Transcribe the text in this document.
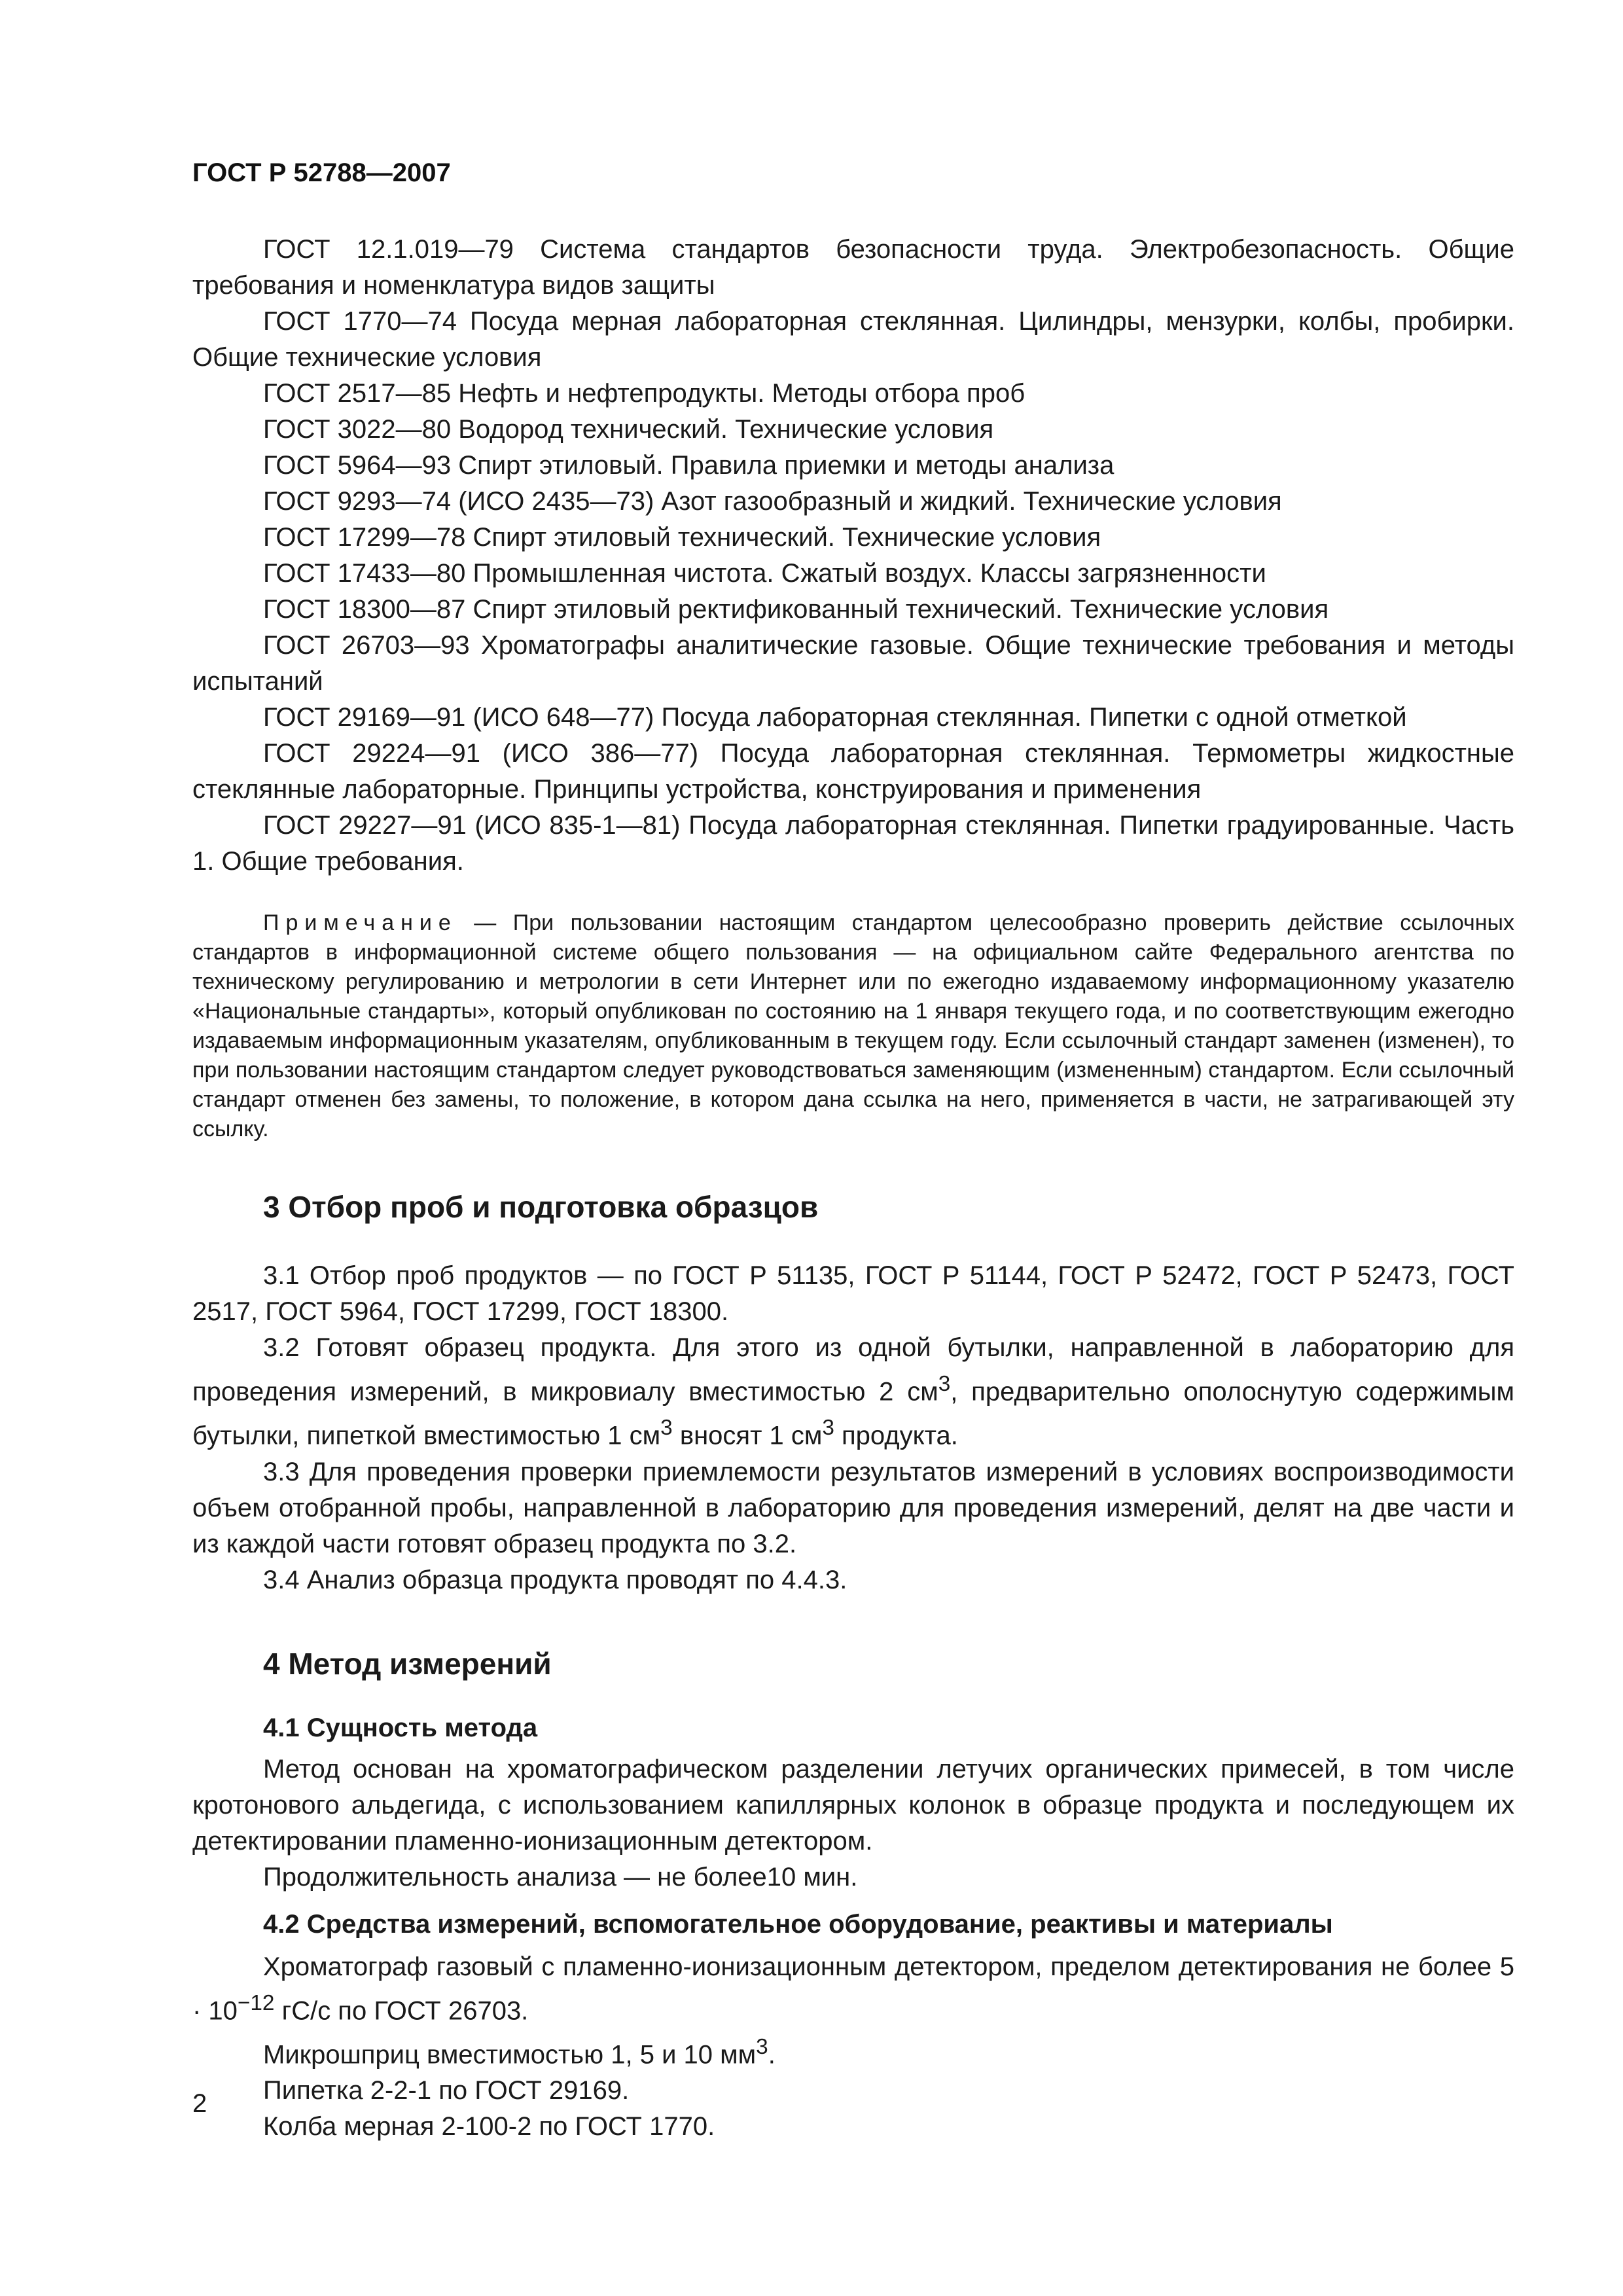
ГОСТ Р 52788—2007

ГОСТ 12.1.019—79 Система стандартов безопасности труда. Электробезопасность. Общие требования и номенклатура видов защиты

ГОСТ 1770—74 Посуда мерная лабораторная стеклянная. Цилиндры, мензурки, колбы, пробирки. Общие технические условия

ГОСТ 2517—85 Нефть и нефтепродукты. Методы отбора проб

ГОСТ 3022—80 Водород технический. Технические условия

ГОСТ 5964—93 Спирт этиловый. Правила приемки и методы анализа

ГОСТ 9293—74 (ИСО 2435—73) Азот газообразный и жидкий. Технические условия

ГОСТ 17299—78 Спирт этиловый технический. Технические условия

ГОСТ 17433—80 Промышленная чистота. Сжатый воздух. Классы загрязненности

ГОСТ 18300—87 Спирт этиловый ректификованный технический. Технические условия

ГОСТ 26703—93 Хроматографы аналитические газовые. Общие технические требования и методы испытаний

ГОСТ 29169—91 (ИСО 648—77) Посуда лабораторная стеклянная. Пипетки с одной отметкой

ГОСТ 29224—91 (ИСО 386—77) Посуда лабораторная стеклянная. Термометры жидкостные стеклянные лабораторные. Принципы устройства, конструирования и применения

ГОСТ 29227—91 (ИСО 835-1—81) Посуда лабораторная стеклянная. Пипетки градуированные. Часть 1. Общие требования.

Примечание — При пользовании настоящим стандартом целесообразно проверить действие ссылочных стандартов в информационной системе общего пользования — на официальном сайте Федерального агентства по техническому регулированию и метрологии в сети Интернет или по ежегодно издаваемому информационному указателю «Национальные стандарты», который опубликован по состоянию на 1 января текущего года, и по соответствующим ежегодно издаваемым информационным указателям, опубликованным в текущем году. Если ссылочный стандарт заменен (изменен), то при пользовании настоящим стандартом следует руководствоваться заменяющим (измененным) стандартом. Если ссылочный стандарт отменен без замены, то положение, в котором дана ссылка на него, применяется в части, не затрагивающей эту ссылку.

3 Отбор проб и подготовка образцов

3.1 Отбор проб продуктов — по ГОСТ Р 51135, ГОСТ Р 51144, ГОСТ Р 52472, ГОСТ Р 52473, ГОСТ 2517, ГОСТ 5964, ГОСТ 17299, ГОСТ 18300.

3.2 Готовят образец продукта. Для этого из одной бутылки, направленной в лабораторию для проведения измерений, в микровиалу вместимостью 2 $см^3$, предварительно ополоснутую содержимым бутылки, пипеткой вместимостью 1 $см^3$ вносят 1 $см^3$ продукта.

3.3 Для проведения проверки приемлемости результатов измерений в условиях воспроизводимости объем отобранной пробы, направленной в лабораторию для проведения измерений, делят на две части и из каждой части готовят образец продукта по 3.2.

3.4 Анализ образца продукта проводят по 4.4.3.

4 Метод измерений
4.1 Сущность метода

Метод основан на хроматографическом разделении летучих органических примесей, в том числе кротонового альдегида, с использованием капиллярных колонок в образце продукта и последующем их детектировании пламенно-ионизационным детектором.

Продолжительность анализа — не более10 мин.

4.2 Средства измерений, вспомогательное оборудование, реактивы и материалы

Хроматограф газовый с пламенно-ионизационным детектором, пределом детектирования не более $5 \cdot 10^{-12}$ гС/с по ГОСТ 26703.

Микрошприц вместимостью 1, 5 и 10 $мм^3$.

Пипетка 2-2-1 по ГОСТ 29169.

Колба мерная 2-100-2 по ГОСТ 1770.

2
